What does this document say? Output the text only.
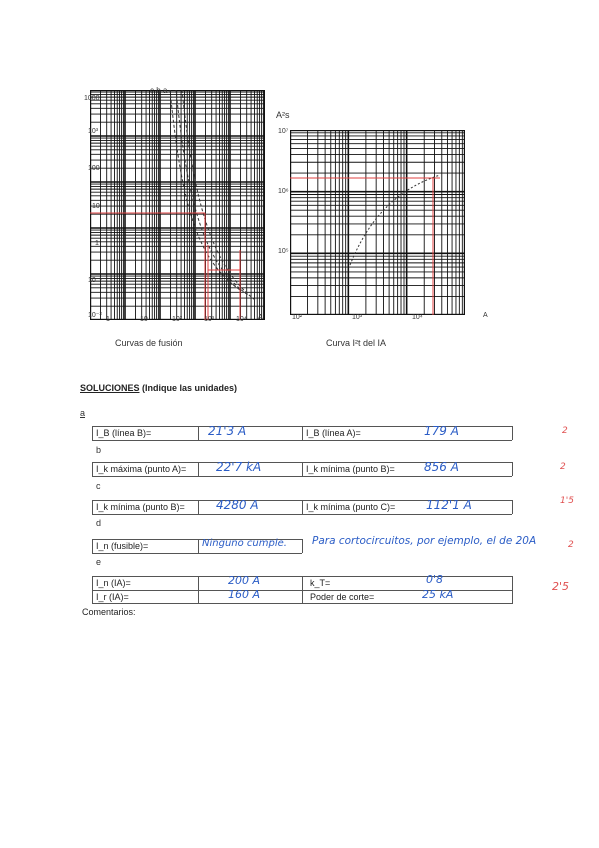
c b a
1000
10³
100
10
1
10⁻¹
10⁻²
1	10	10²	10³	10⁴ A
Curvas de fusión
A²s
10⁷
10⁶
10⁵
10²	10³	10⁴	A
Curva I²t del IA
SOLUCIONES (Indique las unidades)
a
I_B (línea B)=	21'3 A	I_B (línea A)=	179 A	2
b
I_k máxima (punto A)= 22'7 kA	I_k mínima (punto B)= 856 A	2
c
I_k mínima (punto B)=	4280 A	I_k mínima (punto C)=	112'1 A	1'5
d
I_n (fusible)=	Ninguno cumple. Para cortocircuitos, por ejemplo, el de 20A	2
e
I_n (IA)=	200 A	k_T=	0'8
I_r (IA)=	160 A	Poder de corte=	25 kA
2'5
Comentarios:
